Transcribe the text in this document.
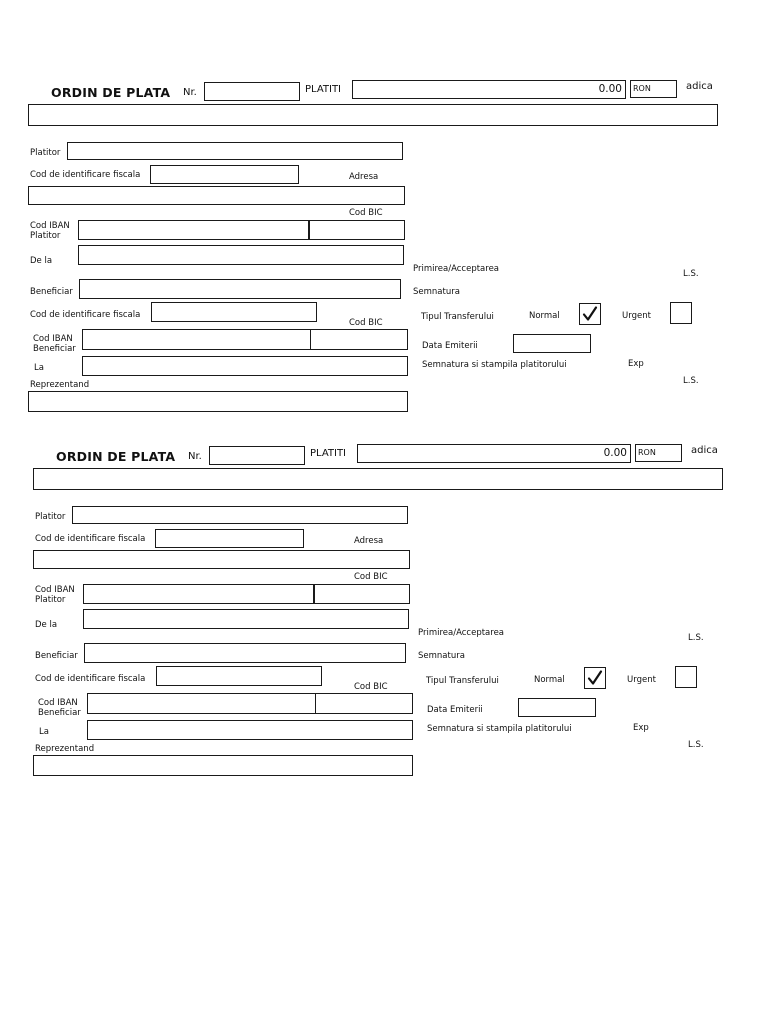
ORDIN DE PLATA Nr.	PLATITI	0.00	RON	adica
Platitor
Cod de identificare fiscala	Adresa
Cod BIC
Cod IBAN
Platitor
De la
Primirea/Acceptarea	L.S.
Beneficiar	Semnatura
Cod de identificare fiscala
Cod BIC
Tipul Transferului	Normal	Urgent
Cod IBAN
Beneficiar	Data Emiterii
La	Semnatura si stampila platitorului	Exp
L.S.
Reprezentand
ORDIN DE PLATA Nr.	PLATITI	0.00	RON	adica
Platitor
Cod de identificare fiscala	Adresa
Cod BIC
Cod IBAN
Platitor
De la
Primirea/Acceptarea	L.S.
Beneficiar	Semnatura
Cod de identificare fiscala
Cod BIC
Tipul Transferului	Normal	Urgent
Cod IBAN
Beneficiar	Data Emiterii
La	Semnatura si stampila platitorului	Exp
L.S.
Reprezentand
